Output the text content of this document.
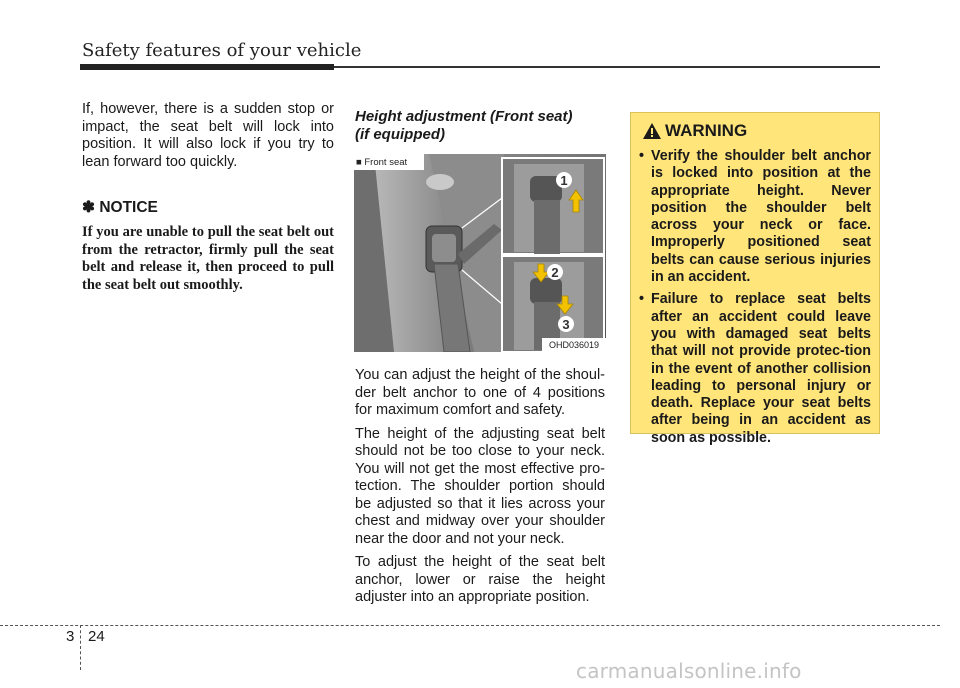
Safety features of your vehicle
If, however, there is a sudden stop or impact, the seat belt will lock into position. It will also lock if you try to lean forward too quickly.
✽ NOTICE
If you are unable to pull the seat belt out from the retractor, firmly pull the seat belt and release it, then proceed to pull the seat belt out smoothly.
Height adjustment (Front seat)
(if equipped)
1
2
3
■ Front seat
OHD036019

You can adjust the height of the shoul-der belt anchor to one of 4 positions for maximum comfort and safety.

The height of the adjusting seat belt should not be too close to your neck. You will not get the most effective pro-tection. The shoulder portion should be adjusted so that it lies across your chest and midway over your shoulder near the door and not your neck.

To adjust the height of the seat belt anchor, lower or raise the height adjuster into an appropriate position.

WARNING
• Verify the shoulder belt anchor is locked into position at the appropriate height. Never position the shoulder belt across your neck or face. Improperly positioned seat belts can cause serious injuries in an accident.
• Failure to replace seat belts after an accident could leave you with damaged seat belts that will not provide protec-tion in the event of another collision leading to personal injury or death. Replace your seat belts after being in an accident as soon as possible.
3 24
carmanualsonline.info
